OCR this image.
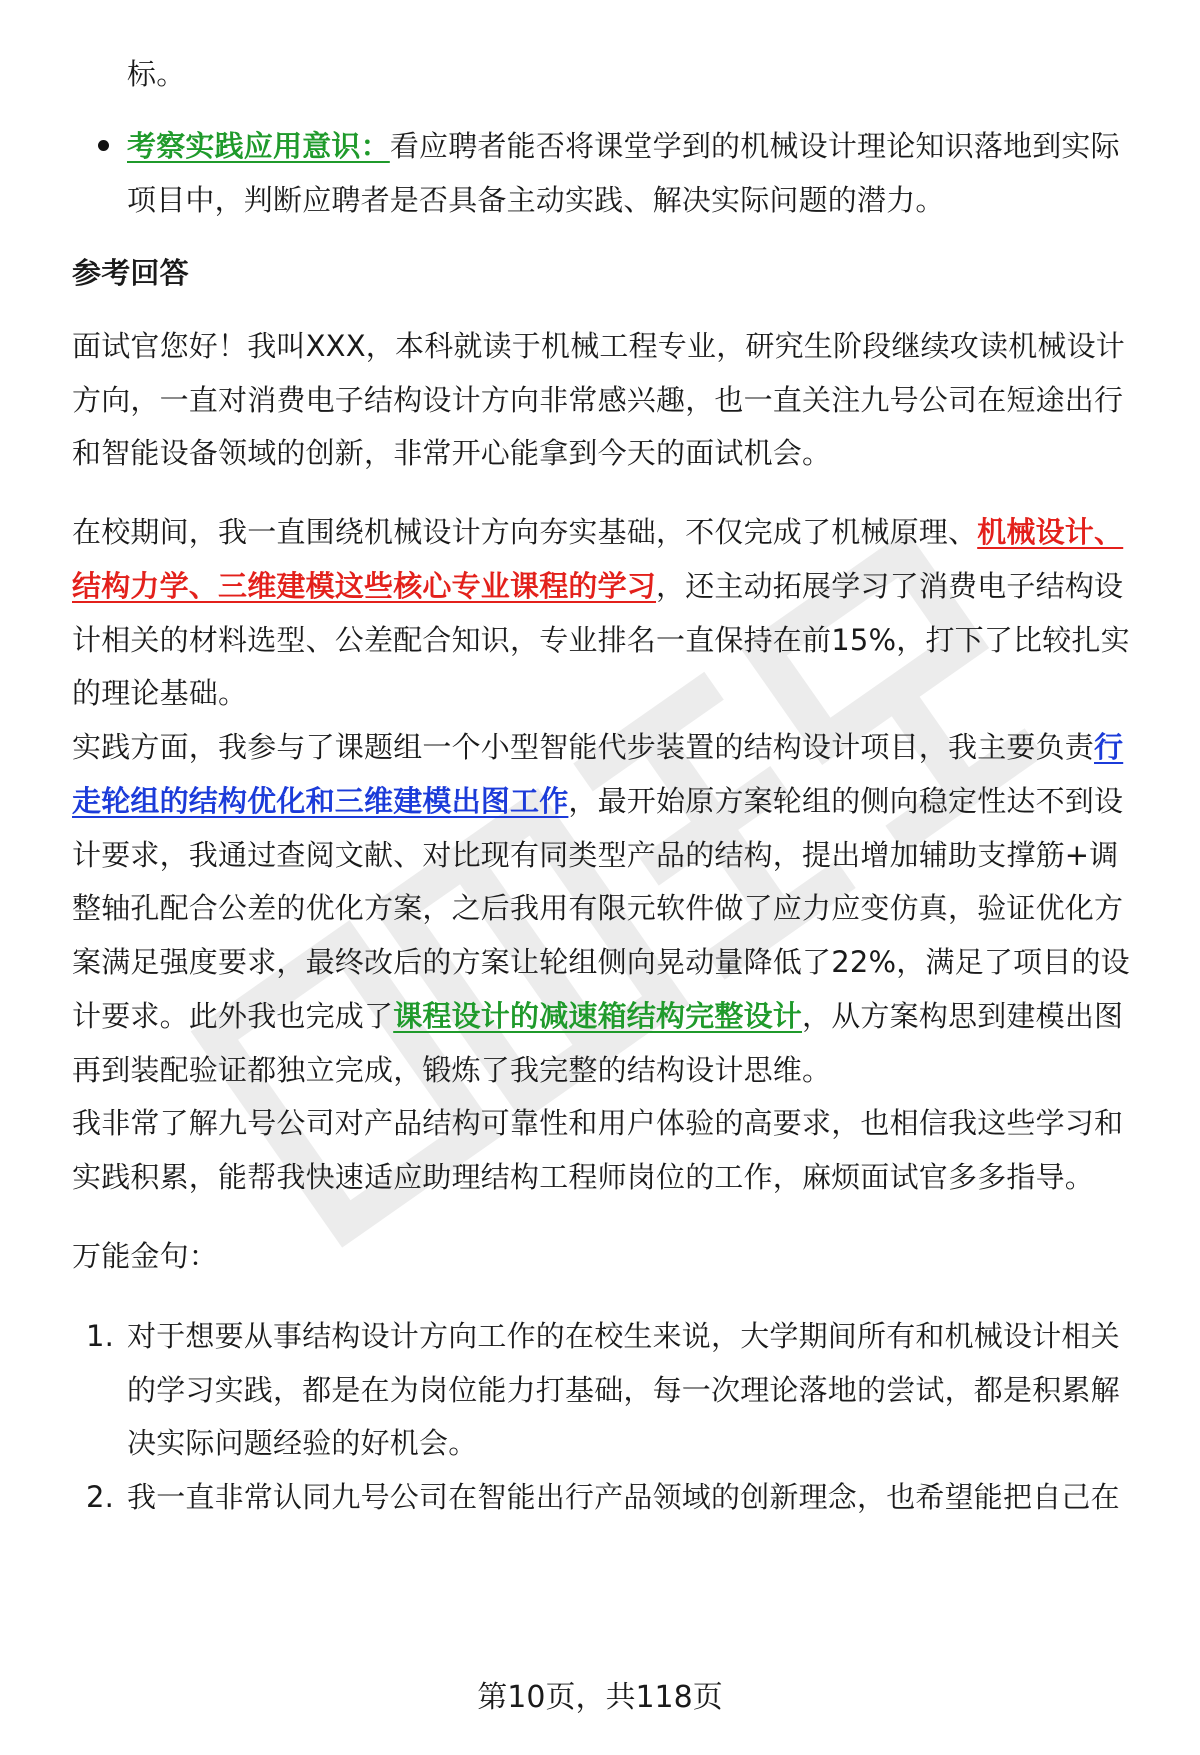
标。
考察实践应用意识：看应聘者能否将课堂学到的机械设计理论知识落地到实际
项目中，判断应聘者是否具备主动实践、解决实际问题的潜力。
参考回答
面试官您好！我叫XXX，本科就读于机械工程专业，研究生阶段继续攻读机械设计
方向，一直对消费电子结构设计方向非常感兴趣，也一直关注九号公司在短途出行
和智能设备领域的创新，非常开心能拿到今天的面试机会。
在校期间，我一直围绕机械设计方向夯实基础，不仅完成了机械原理、机械设计、
结构力学、三维建模这些核心专业课程的学习，还主动拓展学习了消费电子结构设
计相关的材料选型、公差配合知识，专业排名一直保持在前15%，打下了比较扎实
的理论基础。
实践方面，我参与了课题组一个小型智能代步装置的结构设计项目，我主要负责行
走轮组的结构优化和三维建模出图工作，最开始原方案轮组的侧向稳定性达不到设
计要求，我通过查阅文献、对比现有同类型产品的结构，提出增加辅助支撑筋+调
整轴孔配合公差的优化方案，之后我用有限元软件做了应力应变仿真，验证优化方
案满足强度要求，最终改后的方案让轮组侧向晃动量降低了22%，满足了项目的设
计要求。此外我也完成了课程设计的减速箱结构完整设计，从方案构思到建模出图
再到装配验证都独立完成，锻炼了我完整的结构设计思维。
我非常了解九号公司对产品结构可靠性和用户体验的高要求，也相信我这些学习和
实践积累，能帮我快速适应助理结构工程师岗位的工作，麻烦面试官多多指导。
万能金句：
1. 对于想要从事结构设计方向工作的在校生来说，大学期间所有和机械设计相关
的学习实践，都是在为岗位能力打基础，每一次理论落地的尝试，都是积累解
决实际问题经验的好机会。
2. 我一直非常认同九号公司在智能出行产品领域的创新理念，也希望能把自己在
第10页，共118页
